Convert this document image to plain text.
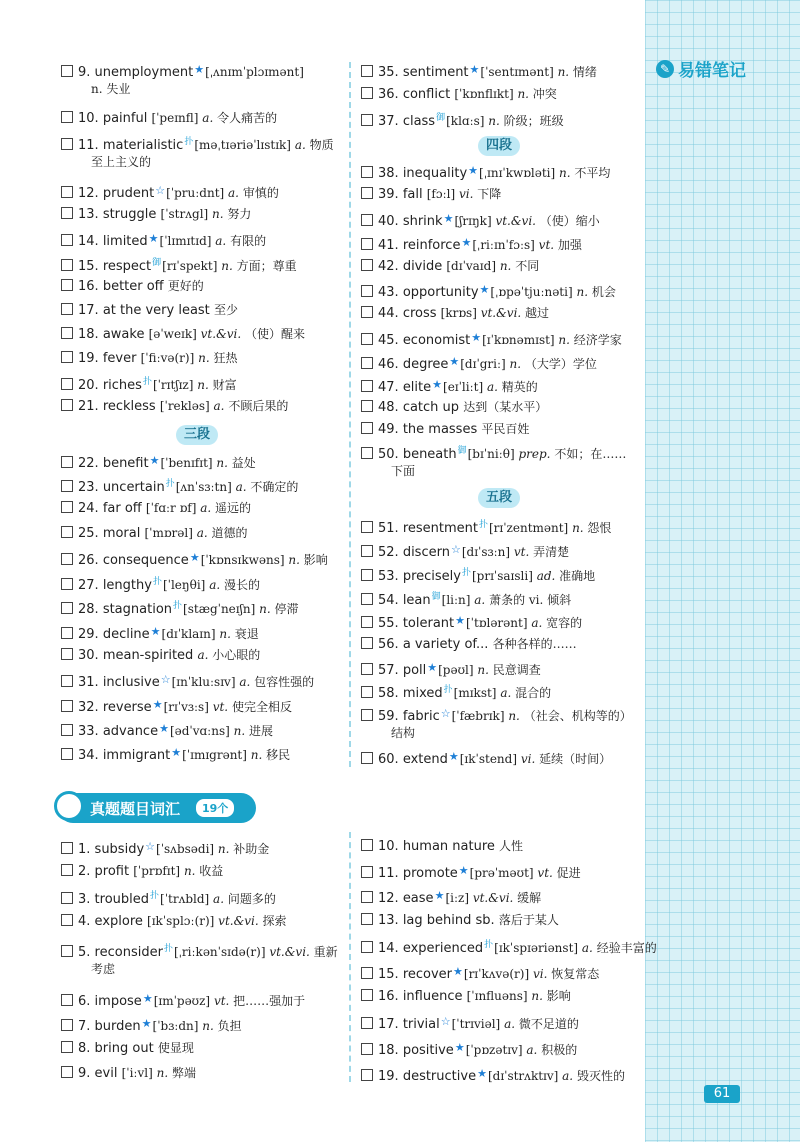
✎ 易错笔记
9. unemployment★[ˌʌnɪmˈplɔɪmənt]
n. 失业
10. painful [ˈpeɪnfl] a. 令人痛苦的
11. materialistic$^扑$[məˌtɪəriəˈlɪstɪk] a. 物质
至上主义的
12. prudent☆[ˈpruːdnt] a. 审慎的
13. struggle [ˈstrʌgl] n. 努力
14. limited★[ˈlɪmɪtɪd] a. 有限的
15. respect$^御$[rɪˈspekt] n. 方面；尊重
16. better off 更好的
17. at the very least 至少
18. awake [əˈweɪk] vt.&vi. （使）醒来
19. fever [ˈfiːvə(r)] n. 狂热
20. riches$^扑$[ˈrɪtʃɪz] n. 财富
21. reckless [ˈrekləs] a. 不顾后果的
22. benefit★[ˈbenɪfɪt] n. 益处
23. uncertain$^扑$[ʌnˈsɜːtn] a. 不确定的
24. far off [ˈfɑːr ɒf] a. 遥远的
25. moral [ˈmɒrəl] a. 道德的
26. consequence★[ˈkɒnsɪkwəns] n. 影响
27. lengthy$^扑$[ˈleŋθi] a. 漫长的
28. stagnation$^扑$[stægˈneɪʃn] n. 停滞
29. decline★[dɪˈklaɪn] n. 衰退
30. mean-spirited a. 小心眼的
31. inclusive☆[ɪnˈkluːsɪv] a. 包容性强的
32. reverse★[rɪˈvɜːs] vt. 使完全相反
33. advance★[ədˈvɑːns] n. 进展
34. immigrant★[ˈɪmɪgrənt] n. 移民
1. subsidy☆[ˈsʌbsədi] n. 补助金
2. profit [ˈprɒfɪt] n. 收益
3. troubled$^扑$[ˈtrʌbld] a. 问题多的
4. explore [ɪkˈsplɔː(r)] vt.&vi. 探索
5. reconsider$^扑$[ˌriːkənˈsɪdə(r)] vt.&vi. 重新
考虑
6. impose★[ɪmˈpəʊz] vt. 把……强加于
7. burden★[ˈbɜːdn] n. 负担
8. bring out 使显现
9. evil [ˈiːvl] n. 弊端
35. sentiment★[ˈsentɪmənt] n. 情绪
36. conflict [ˈkɒnflɪkt] n. 冲突
37. class$^御$[klɑːs] n. 阶级；班级
38. inequality★[ˌɪnɪˈkwɒləti] n. 不平均
39. fall [fɔːl] vi. 下降
40. shrink★[ʃrɪŋk] vt.&vi. （使）缩小
41. reinforce★[ˌriːɪnˈfɔːs] vt. 加强
42. divide [dɪˈvaɪd] n. 不同
43. opportunity★[ˌɒpəˈtjuːnəti] n. 机会
44. cross [krɒs] vt.&vi. 越过
45. economist★[ɪˈkɒnəmɪst] n. 经济学家
46. degree★[dɪˈgriː] n. （大学）学位
47. elite★[eɪˈliːt] a. 精英的
48. catch up 达到（某水平）
49. the masses 平民百姓
50. beneath$^御$[bɪˈniːθ] prep. 不如；在……
下面
51. resentment$^扑$[rɪˈzentmənt] n. 怨恨
52. discern☆[dɪˈsɜːn] vt. 弄清楚
53. precisely$^扑$[prɪˈsaɪsli] ad. 准确地
54. lean$^御$[liːn] a. 萧条的 vi. 倾斜
55. tolerant★[ˈtɒlərənt] a. 宽容的
56. a variety of... 各种各样的……
57. poll★[pəʊl] n. 民意调查
58. mixed$^扑$[mɪkst] a. 混合的
59. fabric☆[ˈfæbrɪk] n. （社会、机构等的）
结构
60. extend★[ɪkˈstend] vi. 延续（时间）
10. human nature 人性
11. promote★[prəˈməʊt] vt. 促进
12. ease★[iːz] vt.&vi. 缓解
13. lag behind sb. 落后于某人
14. experienced$^扑$[ɪkˈspɪəriənst] a. 经验丰富的
15. recover★[rɪˈkʌvə(r)] vi. 恢复常态
16. influence [ˈɪnfluəns] n. 影响
17. trivial☆[ˈtrɪviəl] a. 微不足道的
18. positive★[ˈpɒzətɪv] a. 积极的
19. destructive★[dɪˈstrʌktɪv] a. 毁灭性的
三段
四段
五段
真题题目词汇	19个
61
